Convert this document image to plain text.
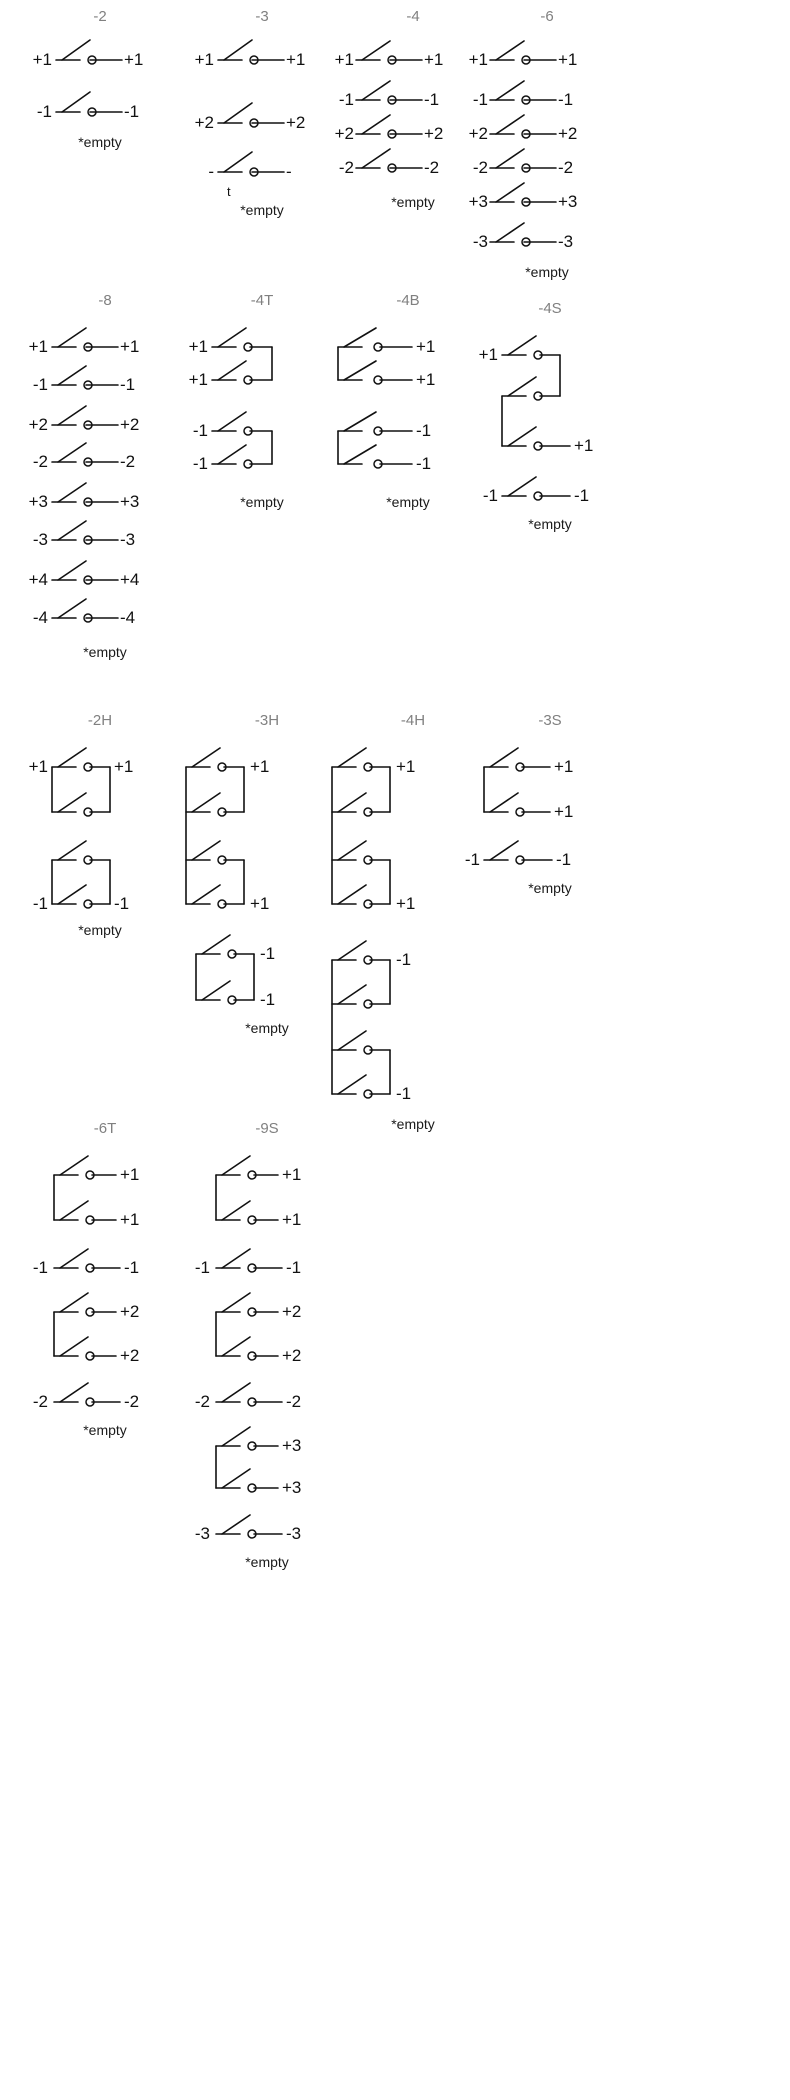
-2
+1	+1
-1	-1
*empty
-3
+1	+1
+2	+2
-	-
t
*empty
-4
+1	+1
-1	-1
+2	+2
-2	-2
*empty
-6
+1	+1
-1	-1
+2	+2
-2	-2
+3	+3
-3	-3
*empty
-8
+1	+1
-1	-1
+2	+2
-2	-2
+3	+3
-3	-3
+4	+4
-4	-4
*empty
-4T
+1
+1
-1
-1
*empty
-4B
+1
+1
-1
-1
*empty
-4S
+1
+1
-1	-1
*empty
-2H
+1	+1
-1	-1
*empty
-3H
+1
+1
-1
-1
*empty
-4H
+1
+1
-1
-1
*empty
-3S
+1
+1
-1	-1
*empty
-6T
+1
+1
-1	-1
+2
+2
-2	-2
*empty
-9S
+1
+1
-1	-1
+2
+2
-2	-2
+3
+3
-3	-3
*empty
